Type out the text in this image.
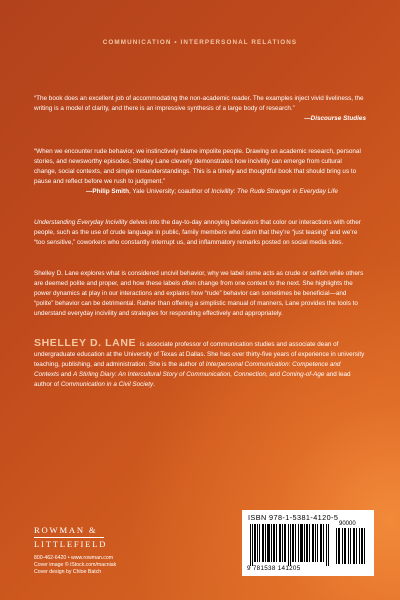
COMMUNICATION • INTERPERSONAL RELATIONS
“The book does an excellent job of accommodating the non-academic reader. The examples inject vivid liveliness, the writing is a model of clarity, and there is an impressive synthesis of a large body of research.”
—Discourse Studies
“When we encounter rude behavior, we instinctively blame impolite people. Drawing on academic research, personal stories, and newsworthy episodes, Shelley Lane cleverly demonstrates how incivility can emerge from cultural change, social contexts, and simple misunderstandings. This is a timely and thoughtful book that should bring us to pause and reflect before we rush to judgment.”
—Philip Smith, Yale University; coauthor of Incivility: The Rude Stranger in Everyday Life
Understanding Everyday Incivility delves into the day-to-day annoying behaviors that color our interactions with other people, such as the use of crude language in public, family members who claim that they’re “just teasing” and we’re “too sensitive,” coworkers who constantly interrupt us, and inflammatory remarks posted on social media sites.
Shelley D. Lane explores what is considered uncivil behavior, why we label some acts as crude or selfish while others are deemed polite and proper, and how these labels often change from one context to the next. She highlights the power dynamics at play in our interactions and explains how “rude” behavior can sometimes be beneficial—and “polite” behavior can be detrimental. Rather than offering a simplistic manual of manners, Lane provides the tools to understand everyday incivility and strategies for responding effectively and appropriately.
SHELLEY D. LANE is associate professor of communication studies and associate dean of undergraduate education at the University of Texas at Dallas. She has over thirty-five years of experience in university teaching, publishing, and administration. She is the author of Interpersonal Communication: Competence and Contexts and A Stirling Diary: An Intercultural Story of Communication, Connection, and Coming-of-Age and lead author of Communication in a Civil Society.
ROWMAN &
LITTLEFIELD
800-462-6420 • www.rowman.com
Cover image © iStock.com/macniak
Cover design by Chloe Batch
ISBN 978-1-5381-4120-5
90000
9 781538 141205
